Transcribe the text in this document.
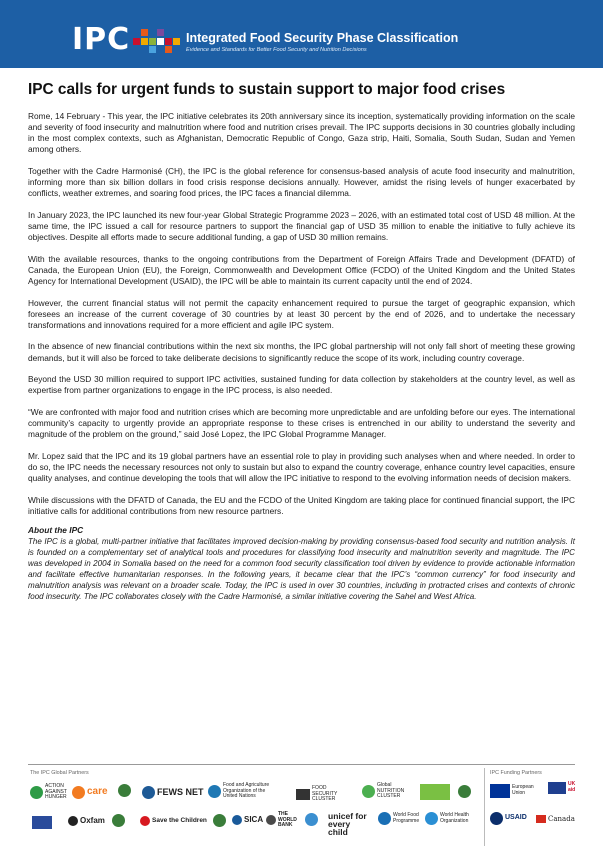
IPC	Integrated Food Security Phase Classification
Evidence and Standards for Better Food Security and Nutrition Decisions
IPC calls for urgent funds to sustain support to major food crises

Rome, 14 February - This year, the IPC initiative celebrates its 20th anniversary since its inception, systematically providing information on the scale and severity of food insecurity and malnutrition where food and nutrition crises prevail. The IPC supports decisions in 30 countries globally including in the most complex contexts, such as Afghanistan, Democratic Republic of Congo, Gaza strip, Haiti, Somalia, South Sudan, Sudan and Yemen among others.

Together with the Cadre Harmonisé (CH), the IPC is the global reference for consensus-based analysis of acute food insecurity and malnutrition, informing more than six billion dollars in food crisis response decisions annually. However, amidst the rising levels of hunger exacerbated by conflicts, weather extremes, and soaring food prices, the IPC faces a financial dilemma.

In January 2023, the IPC launched its new four-year Global Strategic Programme 2023 – 2026, with an estimated total cost of USD 48 million. At the same time, the IPC issued a call for resource partners to support the financial gap of USD 35 million to enable the initiative to fully achieve its objectives. Despite all efforts made to secure additional funding, a gap of USD 30 million remains.

With the available resources, thanks to the ongoing contributions from the Department of Foreign Affairs Trade and Development (DFATD) of Canada, the European Union (EU), the Foreign, Commonwealth and Development Office (FCDO) of the United Kingdom and the United States Agency for International Development (USAID), the IPC will be able to maintain its current capacity until the end of 2024.

However, the current financial status will not permit the capacity enhancement required to pursue the target of geographic expansion, which foresees an increase of the current coverage of 30 countries by at least 30 percent by the end of 2026, and to undertake the necessary transformations and innovations required for a more efficient and agile IPC system.

In the absence of new financial contributions within the next six months, the IPC global partnership will not only fall short of meeting these growing demands, but it will also be forced to take deliberate decisions to significantly reduce the scope of its work, including country coverage.

Beyond the USD 30 million required to support IPC activities, sustained funding for data collection by stakeholders at the country level, as well as expertise from partner organizations to engage in the IPC process, is also needed.

“We are confronted with major food and nutrition crises which are becoming more unpredictable and are unfolding before our eyes. The international community’s capacity to urgently provide an appropriate response to these crises is entrenched in our ability to understand the severity and magnitude of the problem on the ground,” said José Lopez, the IPC Global Programme Manager.

Mr. Lopez said that the IPC and its 19 global partners have an essential role to play in providing such analyses when and where needed. In order to do so, the IPC needs the necessary resources not only to sustain but also to expand the country coverage, enhance country level capacities, ensure quality analyses, and continue developing the tools that will allow the IPC initiative to respond to the evolving information needs of decision makers.

While discussions with the DFATD of Canada, the EU and the FCDO of the United Kingdom are taking place for continued financial support, the IPC initiative calls for additional contributions from new resource partners.

About the IPC
The IPC is a global, multi-partner initiative that facilitates improved decision-making by providing consensus-based food security and nutrition analysis. It is founded on a complementary set of analytical tools and procedures for classifying food insecurity and malnutrition severity and magnitude. The IPC was developed in 2004 in Somalia based on the need for a common food security classification tool driven by evidence to provide actionable information and facilitate effective humanitarian responses. In the following years, it became clear that the IPC’s “common currency” for food insecurity and malnutrition analysis was relevant on a broader scale. Today, the IPC is used in over 30 countries, including in protracted crises and contexts of chronic food insecurity. The IPC collaborates closely with the Cadre Harmonisé, a similar initiative covering the Sahel and West Africa.
The IPC Global Partners	IPC Funding Partners
ACTION AGAINST HUNGER
care	FEWS NET
Food and Agriculture Organization of the United Nations
FOOD SECURITY CLUSTER
Global NUTRITION CLUSTER
Oxfam	Save the Children	SICA
THE WORLD BANK
unicef for every child
World Food Programme
World Health Organization
European Union
UK aid
USAID	Canada
